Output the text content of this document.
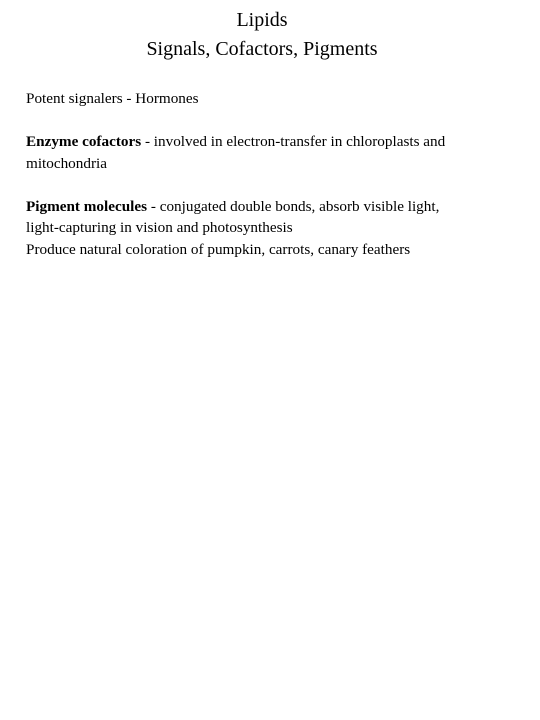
Lipids
Signals, Cofactors, Pigments

Potent signalers - Hormones

Enzyme cofactors - involved in electron-transfer in chloroplasts and
mitochondria

Pigment molecules - conjugated double bonds, absorb visible light,
light-capturing in vision and photosynthesis
Produce natural coloration of pumpkin, carrots, canary feathers
